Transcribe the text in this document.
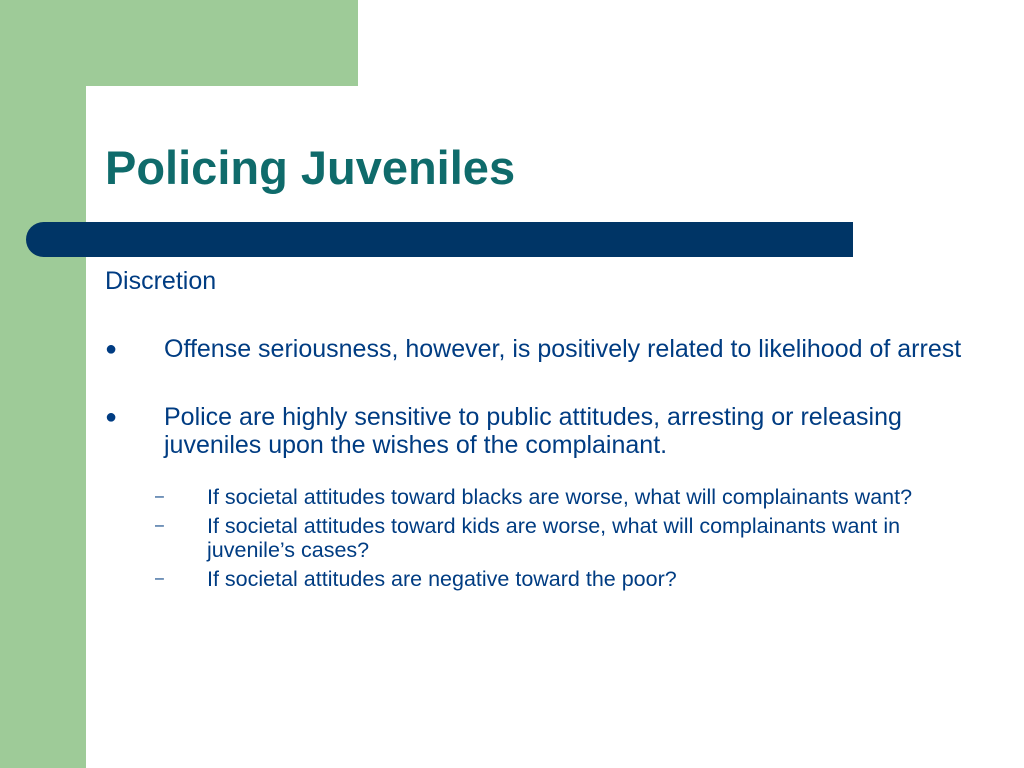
Policing Juveniles

Discretion

● Offense seriousness, however, is positively related to likelihood of arrest
● Police are highly sensitive to public attitudes, arresting or releasing juveniles upon the wishes of the complainant.
– If societal attitudes toward blacks are worse, what will complainants want?
– If societal attitudes toward kids are worse, what will complainants want in juvenile’s cases?
– If societal attitudes are negative toward the poor?
